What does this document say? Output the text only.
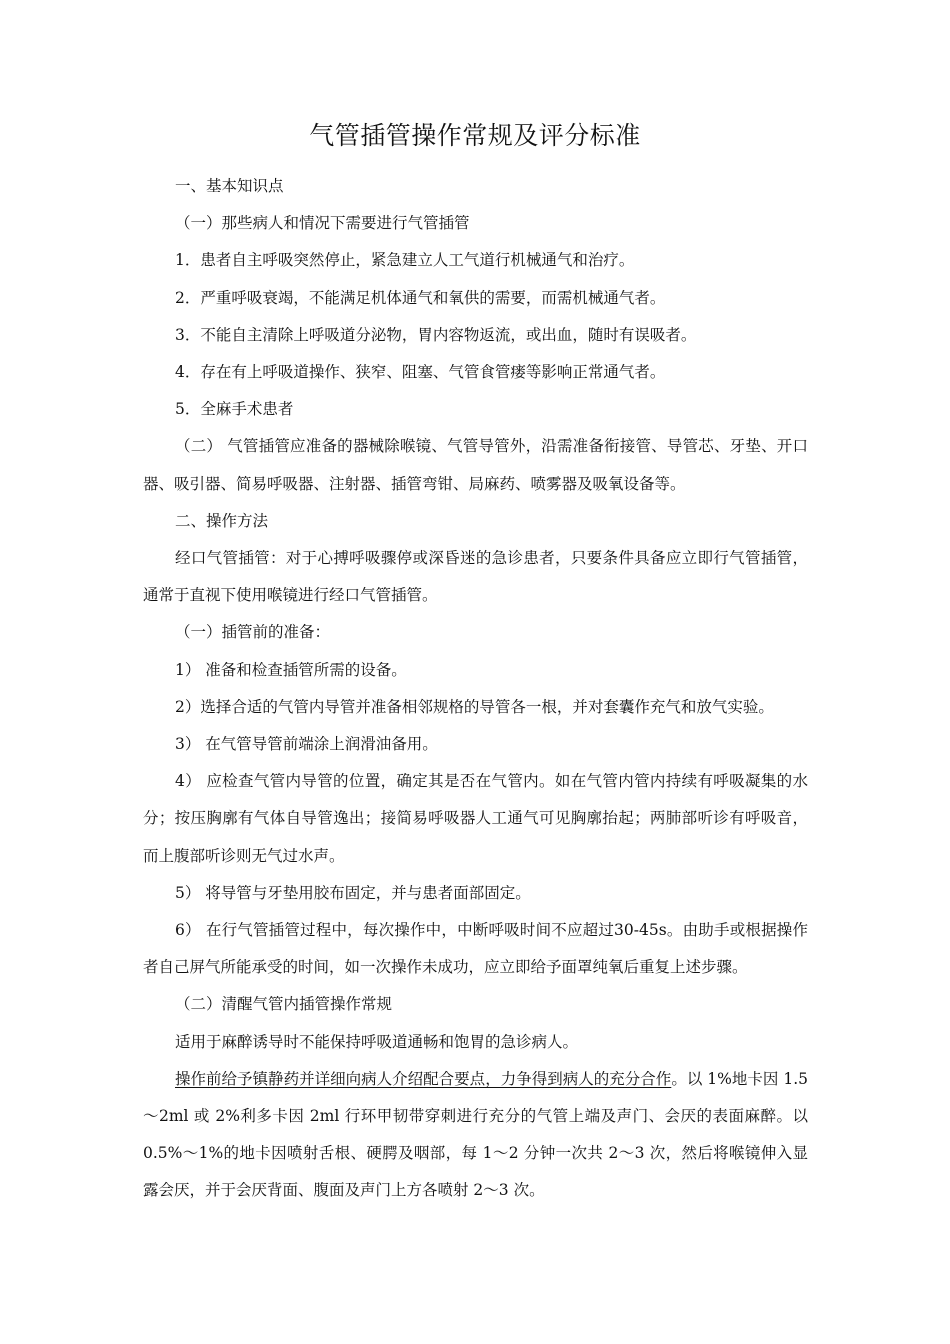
气管插管操作常规及评分标准

一、基本知识点

（一）那些病人和情况下需要进行气管插管

1．患者自主呼吸突然停止，紧急建立人工气道行机械通气和治疗。

2．严重呼吸衰竭，不能满足机体通气和氧供的需要，而需机械通气者。

3．不能自主清除上呼吸道分泌物，胃内容物返流，或出血，随时有误吸者。

4．存在有上呼吸道操作、狭窄、阻塞、气管食管瘘等影响正常通气者。

5．全麻手术患者

（二） 气管插管应准备的器械除喉镜、气管导管外，沿需准备衔接管、导管芯、牙垫、开口器、吸引器、简易呼吸器、注射器、插管弯钳、局麻药、喷雾器及吸氧设备等。

二、操作方法

经口气管插管：对于心搏呼吸骤停或深昏迷的急诊患者，只要条件具备应立即行气管插管，通常于直视下使用喉镜进行经口气管插管。

（一）插管前的准备：

1） 准备和检查插管所需的设备。

2）选择合适的气管内导管并准备相邻规格的导管各一根，并对套囊作充气和放气实验。

3） 在气管导管前端涂上润滑油备用。

4） 应检查气管内导管的位置，确定其是否在气管内。如在气管内管内持续有呼吸凝集的水分；按压胸廓有气体自导管逸出；接简易呼吸器人工通气可见胸廓抬起；两肺部听诊有呼吸音，而上腹部听诊则无气过水声。

5） 将导管与牙垫用胶布固定，并与患者面部固定。

6） 在行气管插管过程中，每次操作中，中断呼吸时间不应超过30-45s。由助手或根据操作者自己屏气所能承受的时间，如一次操作未成功，应立即给予面罩纯氧后重复上述步骤。

（二）清醒气管内插管操作常规

适用于麻醉诱导时不能保持呼吸道通畅和饱胃的急诊病人。

操作前给予镇静药并详细向病人介绍配合要点，力争得到病人的充分合作。以 1%地卡因 1.5～2ml 或 2%利多卡因 2ml 行环甲韧带穿刺进行充分的气管上端及声门、会厌的表面麻醉。以 0.5%～1%的地卡因喷射舌根、硬腭及咽部，每 1～2 分钟一次共 2～3 次，然后将喉镜伸入显露会厌，并于会厌背面、腹面及声门上方各喷射 2～3 次。
